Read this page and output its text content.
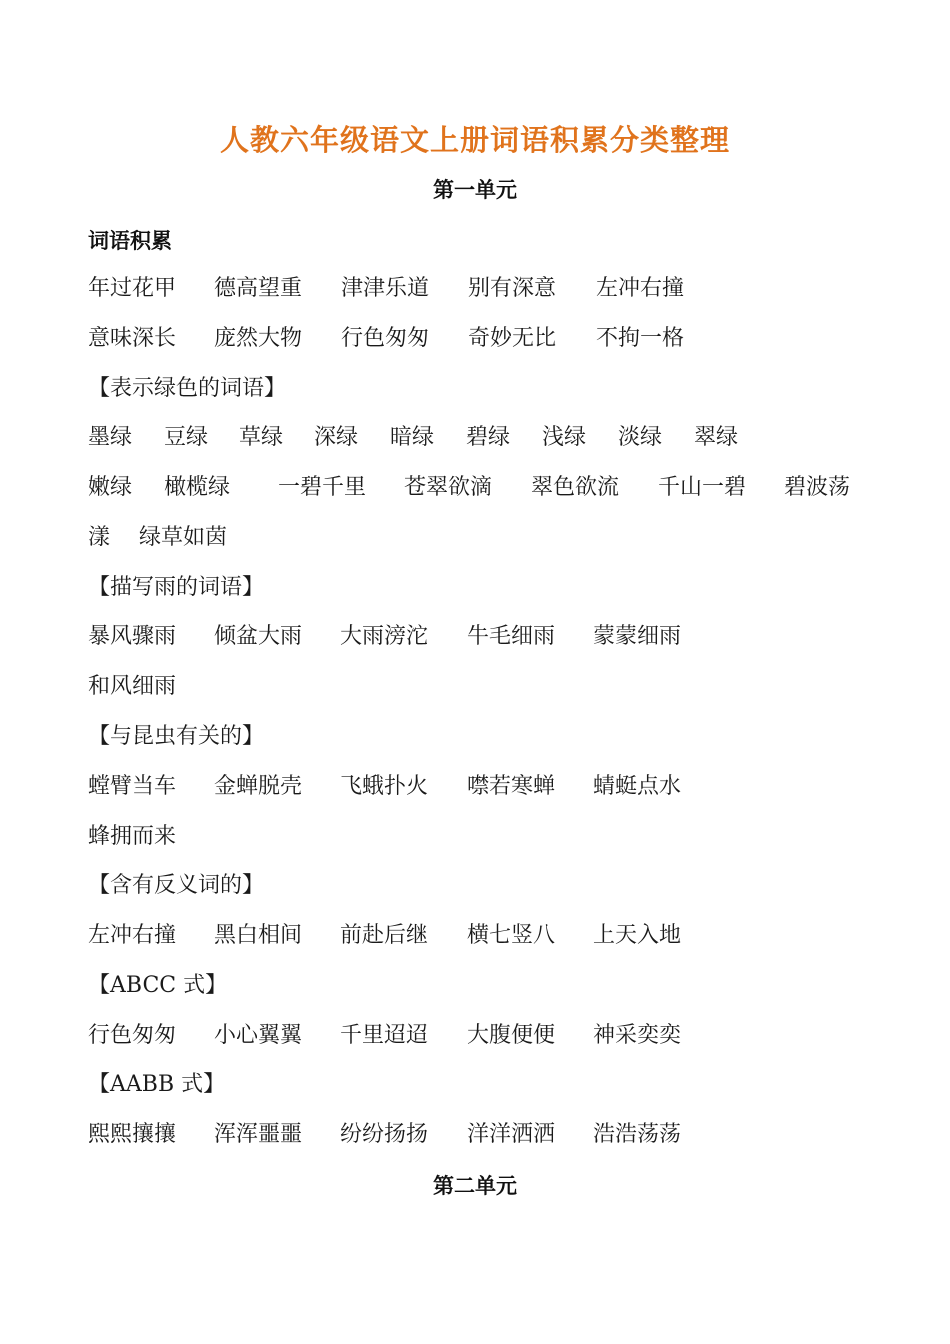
人教六年级语文上册词语积累分类整理
第一单元
词语积累
年过花甲 德高望重 津津乐道 别有深意 左冲右撞
意味深长 庞然大物 行色匆匆 奇妙无比 不拘一格
【表示绿色的词语】
墨绿 豆绿 草绿 深绿 暗绿 碧绿 浅绿 淡绿 翠绿
嫩绿 橄榄绿 一碧千里 苍翠欲滴 翠色欲流 千山一碧 碧波荡
漾 绿草如茵
【描写雨的词语】
暴风骤雨 倾盆大雨 大雨滂沱 牛毛细雨 蒙蒙细雨
和风细雨
【与昆虫有关的】
螳臂当车 金蝉脱壳 飞蛾扑火 噤若寒蝉 蜻蜓点水
蜂拥而来
【含有反义词的】
左冲右撞 黑白相间 前赴后继 横七竖八 上天入地
【ABCC 式】
行色匆匆 小心翼翼 千里迢迢 大腹便便 神采奕奕
【AABB 式】
熙熙攘攘 浑浑噩噩 纷纷扬扬 洋洋洒洒 浩浩荡荡
第二单元
